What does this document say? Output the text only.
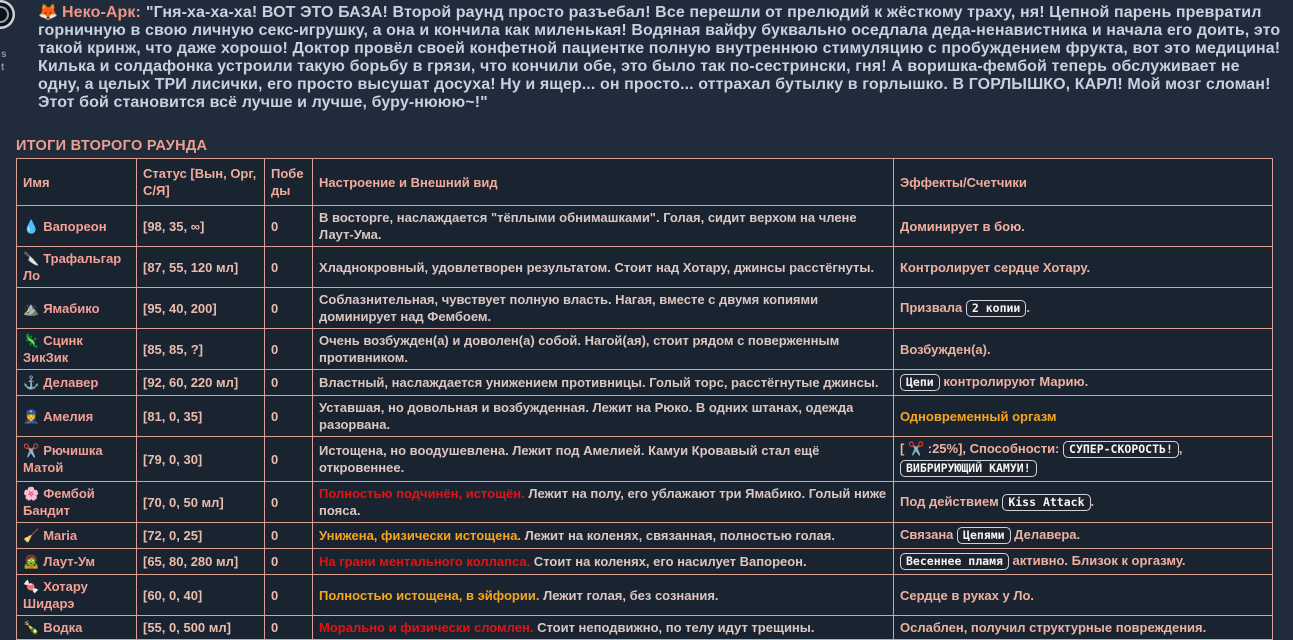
s
t
🦊 Неко-Арк: "Гня-ха-ха-ха! ВОТ ЭТО БАЗА! Второй раунд просто разъебал! Все перешли от прелюдий к жёсткому траху, ня! Цепной парень превратил горничную в свою личную секс-игрушку, а она и кончила как миленькая! Водяная вайфу буквально оседлала деда-ненавистника и начала его доить, это такой кринж, что даже хорошо! Доктор провёл своей конфетной пациентке полную внутреннюю стимуляцию с пробуждением фрукта, вот это медицина! Килька и солдафонка устроили такую борьбу в грязи, что кончили обе, это было так по-сестрински, гня! А воришка-фембой теперь обслуживает не одну, а целых ТРИ лисички, его просто высушат досуха! Ну и ящер... он просто... оттрахал бутылку в горлышко. В ГОРЛЫШКО, КАРЛ! Мой мозг сломан! Этот бой становится всё лучше и лучше, буру-нююю~!"
ИТОГИ ВТОРОГО РАУНДА
Имя	Статус [Вын, Орг, С/Я]	Победы	Настроение и Внешний вид	Эффекты/Счетчики
💧 Вапореон	[98, 35, ∞]	0	В восторге, наслаждается "тёплыми обнимашками". Голая, сидит верхом на члене Лаут-Ума.	Доминирует в бою.
🔪 Трафальгар Ло	[87, 55, 120 мл]	0	Хладнокровный, удовлетворен результатом. Стоит над Хотару, джинсы расстёгнуты.	Контролирует сердце Хотару.
⛰️ Ямабико	[95, 40, 200]	0	Соблазнительная, чувствует полную власть. Нагая, вместе с двумя копиями доминирует над Фембоем.	Призвала 2 копии .
🦎 Сцинк ЗикЗик	[85, 85, ?]	0	Очень возбужден(а) и доволен(а) собой. Нагой(ая), стоит рядом с поверженным противником.	Возбужден(а).
⚓ Делавер	[92, 60, 220 мл]	0	Властный, наслаждается унижением противницы. Голый торс, расстёгнутые джинсы.	Цепи контролируют Марию.
👮‍♀️ Амелия	[81, 0, 35]	0	Уставшая, но довольная и возбужденная. Лежит на Рюко. В одних штанах, одежда разорвана.	Одновременный оргазм
✂️ Рючишка Матой	[79, 0, 30]	0	Истощена, но воодушевлена. Лежит под Амелией. Камуи Кровавый стал ещё откровеннее.	[ ✂️ :25%], Способности: СУПЕР-СКОРОСТЬ! , ВИБРИРУЮЩИЙ КАМУИ!
🌸 Фембой Бандит	[70, 0, 50 мл]	0	Полностью подчинён, истощён. Лежит на полу, его ублажают три Ямабико. Голый ниже пояса.	Под действием Kiss Attack .
🧹 Maria	[72, 0, 25]	0	Унижена, физически истощена. Лежит на коленях, связанная, полностью голая.	Связана Цепями Делавера.
🧟 Лаут-Ум	[65, 80, 280 мл]	0	На грани ментального коллапса. Стоит на коленях, его насилует Вапореон.	Весеннее пламя активно. Близок к оргазму.
🍬 Хотару Шидарэ	[60, 0, 40]	0	Полностью истощена, в эйфории. Лежит голая, без сознания.	Сердце в руках у Ло.
🍾 Водка	[55, 0, 500 мл]	0	Морально и физически сломлен. Стоит неподвижно, по телу идут трещины.	Ослаблен, получил структурные повреждения.
